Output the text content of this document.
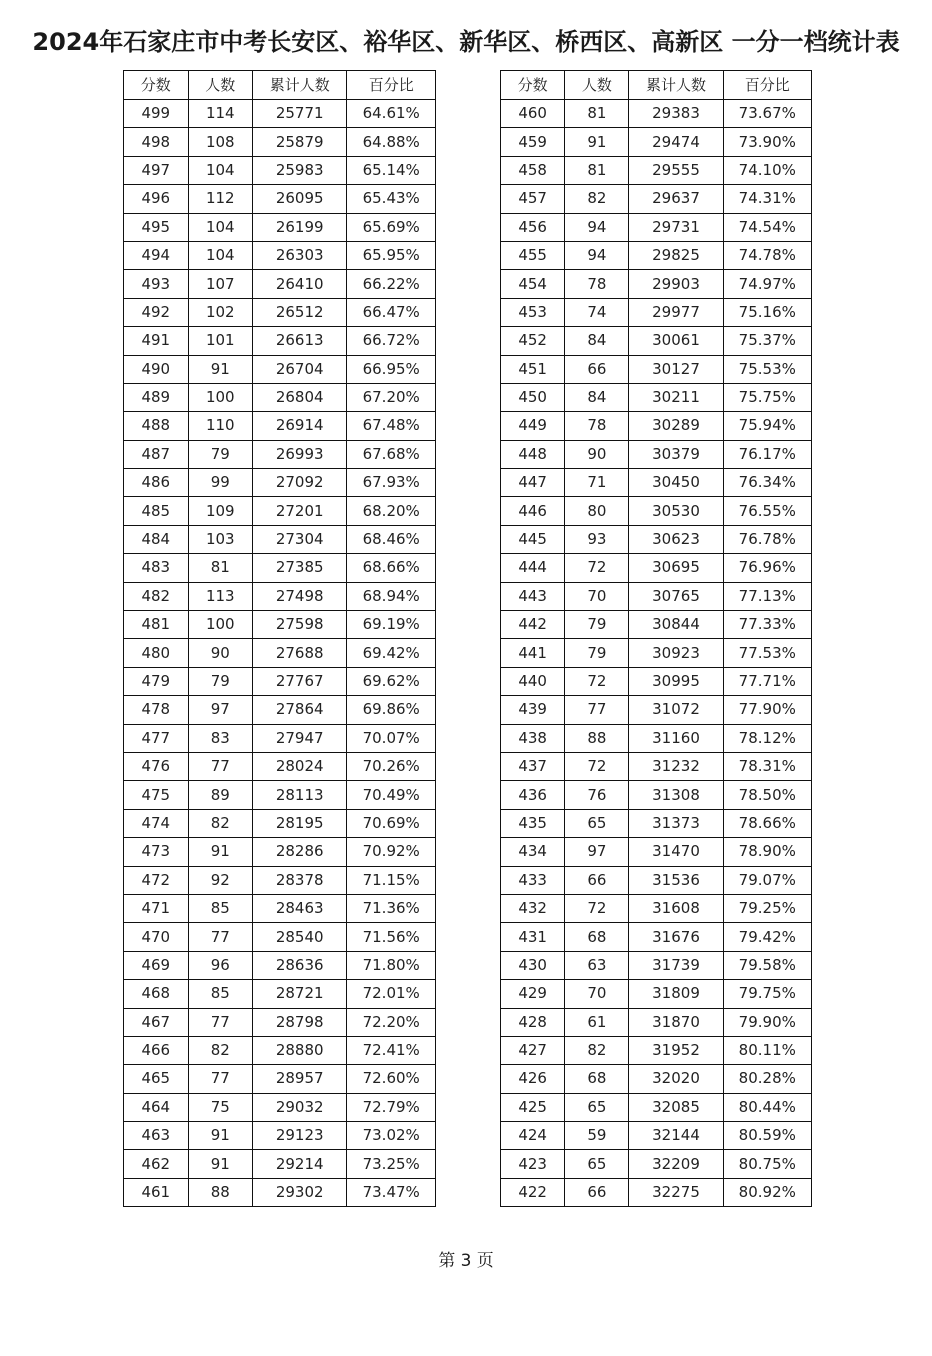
2024年石家庄市中考长安区、裕华区、新华区、桥西区、高新区 一分一档统计表
分数	人数	累计人数	百分比
499	114	25771	64.61%
498	108	25879	64.88%
497	104	25983	65.14%
496	112	26095	65.43%
495	104	26199	65.69%
494	104	26303	65.95%
493	107	26410	66.22%
492	102	26512	66.47%
491	101	26613	66.72%
490	91	26704	66.95%
489	100	26804	67.20%
488	110	26914	67.48%
487	79	26993	67.68%
486	99	27092	67.93%
485	109	27201	68.20%
484	103	27304	68.46%
483	81	27385	68.66%
482	113	27498	68.94%
481	100	27598	69.19%
480	90	27688	69.42%
479	79	27767	69.62%
478	97	27864	69.86%
477	83	27947	70.07%
476	77	28024	70.26%
475	89	28113	70.49%
474	82	28195	70.69%
473	91	28286	70.92%
472	92	28378	71.15%
471	85	28463	71.36%
470	77	28540	71.56%
469	96	28636	71.80%
468	85	28721	72.01%
467	77	28798	72.20%
466	82	28880	72.41%
465	77	28957	72.60%
464	75	29032	72.79%
463	91	29123	73.02%
462	91	29214	73.25%
461	88	29302	73.47%
分数	人数	累计人数	百分比
460	81	29383	73.67%
459	91	29474	73.90%
458	81	29555	74.10%
457	82	29637	74.31%
456	94	29731	74.54%
455	94	29825	74.78%
454	78	29903	74.97%
453	74	29977	75.16%
452	84	30061	75.37%
451	66	30127	75.53%
450	84	30211	75.75%
449	78	30289	75.94%
448	90	30379	76.17%
447	71	30450	76.34%
446	80	30530	76.55%
445	93	30623	76.78%
444	72	30695	76.96%
443	70	30765	77.13%
442	79	30844	77.33%
441	79	30923	77.53%
440	72	30995	77.71%
439	77	31072	77.90%
438	88	31160	78.12%
437	72	31232	78.31%
436	76	31308	78.50%
435	65	31373	78.66%
434	97	31470	78.90%
433	66	31536	79.07%
432	72	31608	79.25%
431	68	31676	79.42%
430	63	31739	79.58%
429	70	31809	79.75%
428	61	31870	79.90%
427	82	31952	80.11%
426	68	32020	80.28%
425	65	32085	80.44%
424	59	32144	80.59%
423	65	32209	80.75%
422	66	32275	80.92%
第 3 页
